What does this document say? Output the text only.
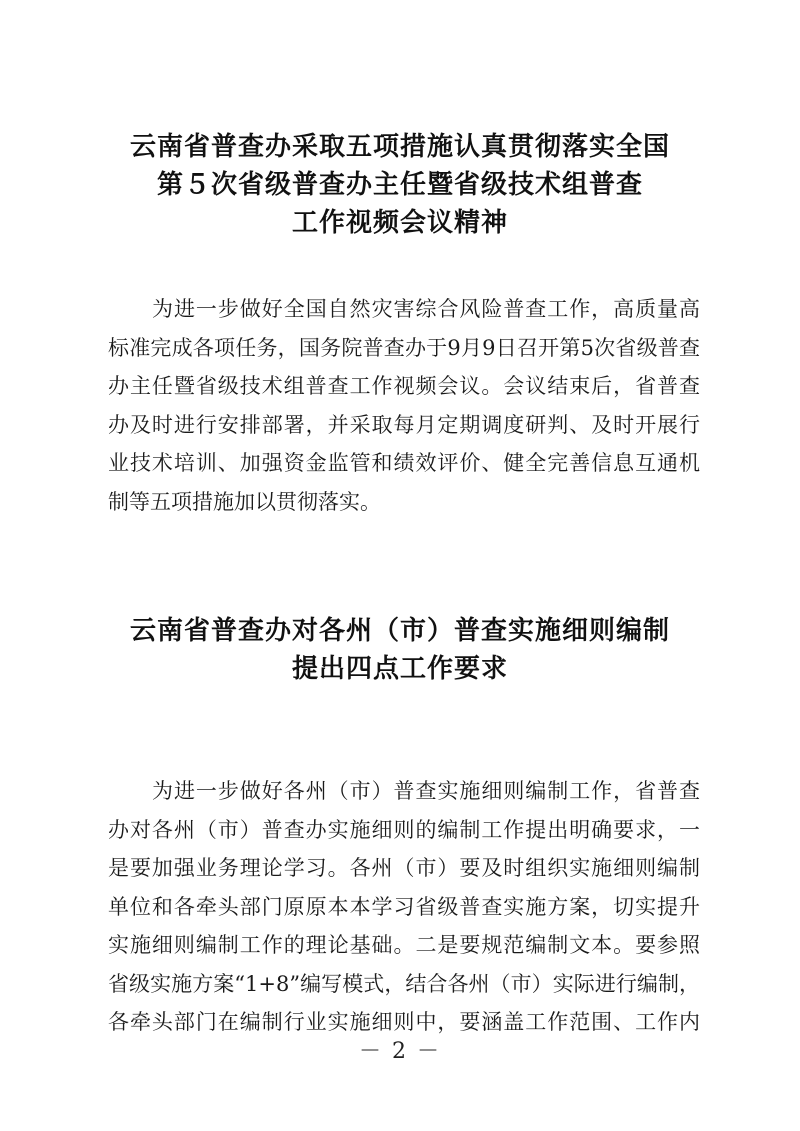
云南省普查办采取五项措施认真贯彻落实全国
第５次省级普查办主任暨省级技术组普查
工作视频会议精神
为进一步做好全国自然灾害综合风险普查工作，高质量高
标准完成各项任务，国务院普查办于9月9日召开第5次省级普查
办主任暨省级技术组普查工作视频会议。会议结束后，省普查
办及时进行安排部署，并采取每月定期调度研判、及时开展行
业技术培训、加强资金监管和绩效评价、健全完善信息互通机
制等五项措施加以贯彻落实。
云南省普查办对各州（市）普查实施细则编制
提出四点工作要求
为进一步做好各州（市）普查实施细则编制工作，省普查
办对各州（市）普查办实施细则的编制工作提出明确要求，一
是要加强业务理论学习。各州（市）要及时组织实施细则编制
单位和各牵头部门原原本本学习省级普查实施方案，切实提升
实施细则编制工作的理论基础。二是要规范编制文本。要参照
省级实施方案“1+8”编写模式，结合各州（市）实际进行编制，
各牵头部门在编制行业实施细则中，要涵盖工作范围、工作内
－ 2 －
